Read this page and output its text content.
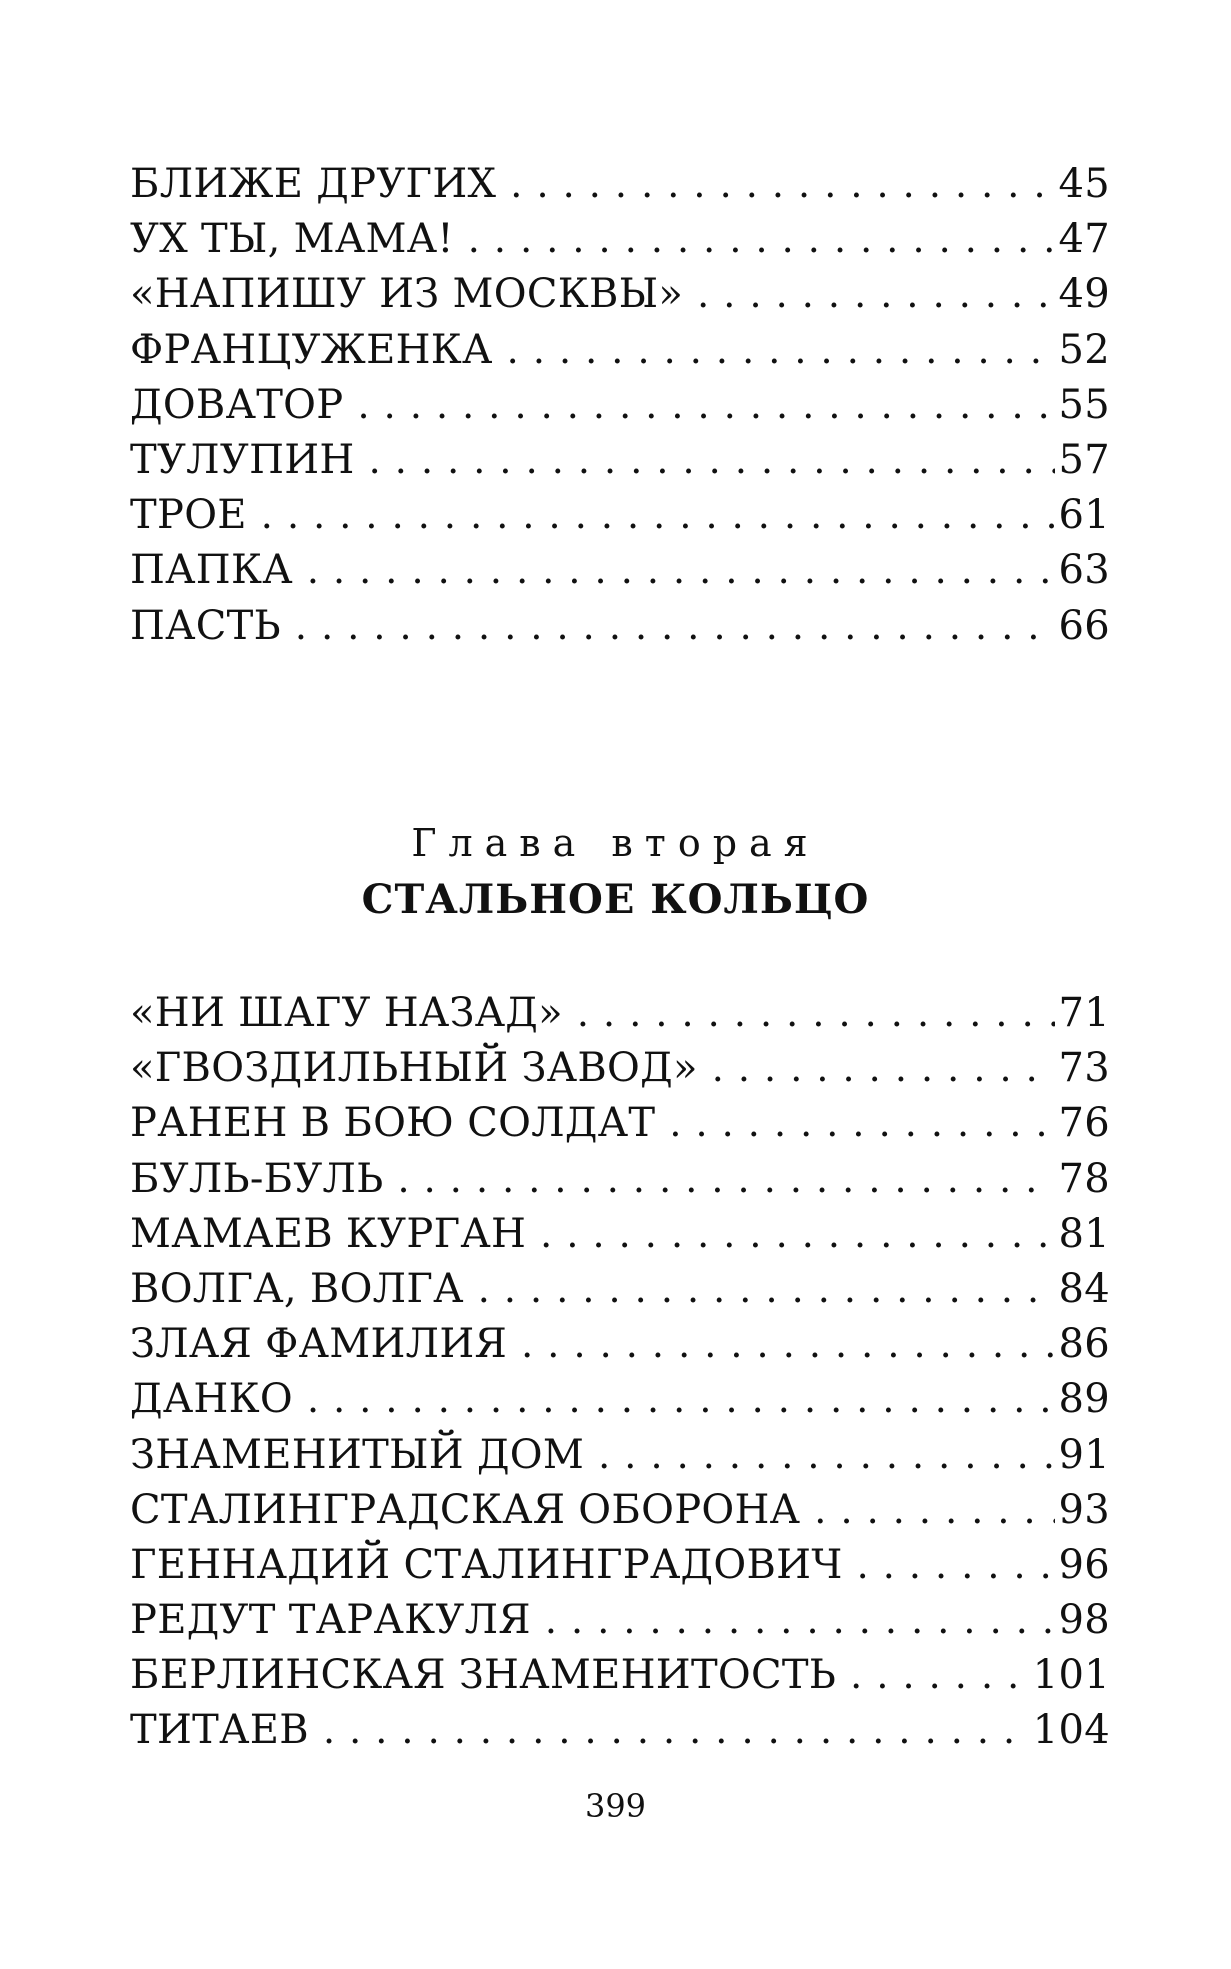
БЛИЖЕ ДРУГИХ . . .	45
УХ ТЫ, МАМА! . . .	47
«НАПИШУ ИЗ МОСКВЫ» . . .	49
ФРАНЦУЖЕНКА . . .	52
ДОВАТОР . . .	55
ТУЛУПИН . . .	57
ТРОЕ . . .	61
ПАПКА . . .	63
ПАСТЬ . . .	66
Глава вторая
СТАЛЬНОЕ КОЛЬЦО
«НИ ШАГУ НАЗАД» . . .	71
«ГВОЗДИЛЬНЫЙ ЗАВОД» . . .	73
РАНЕН В БОЮ СОЛДАТ . . .	76
БУЛЬ-БУЛЬ . . .	78
МАМАЕВ КУРГАН . . .	81
ВОЛГА, ВОЛГА . . .	84
ЗЛАЯ ФАМИЛИЯ . . .	86
ДАНКО . . .	89
ЗНАМЕНИТЫЙ ДОМ . . .	91
СТАЛИНГРАДСКАЯ ОБОРОНА . . .	93
ГЕННАДИЙ СТАЛИНГРАДОВИЧ . . .	96
РЕДУТ ТАРАКУЛЯ . . .	98
БЕРЛИНСКАЯ ЗНАМЕНИТОСТЬ . . .	101
ТИТАЕВ . . .	104
399
